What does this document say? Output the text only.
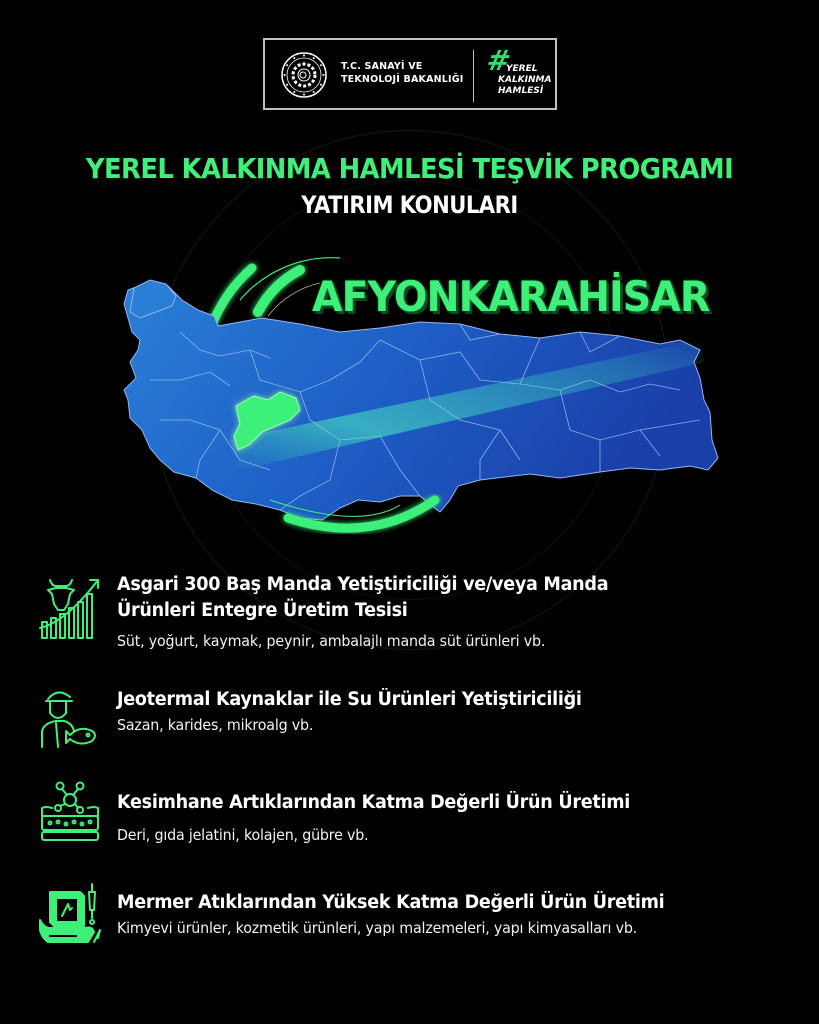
T.C. SANAYİ VE
TEKNOLOJİ BAKANLIĞI
#
YEREL
KALKINMA
HAMLESİ
YEREL KALKINMA HAMLESİ TEŞVİK PROGRAMI
YATIRIM KONULARI
AFYONKARAHİSAR
Asgari 300 Baş Manda Yetiştiriciliği ve/veya Manda
Ürünleri Entegre Üretim Tesisi
Süt, yoğurt, kaymak, peynir, ambalajlı manda süt ürünleri vb.
Jeotermal Kaynaklar ile Su Ürünleri Yetiştiriciliği
Sazan, karides, mikroalg vb.
Kesimhane Artıklarından Katma Değerli Ürün Üretimi
Deri, gıda jelatini, kolajen, gübre vb.
Mermer Atıklarından Yüksek Katma Değerli Ürün Üretimi
Kimyevi ürünler, kozmetik ürünleri, yapı malzemeleri, yapı kimyasalları vb.
